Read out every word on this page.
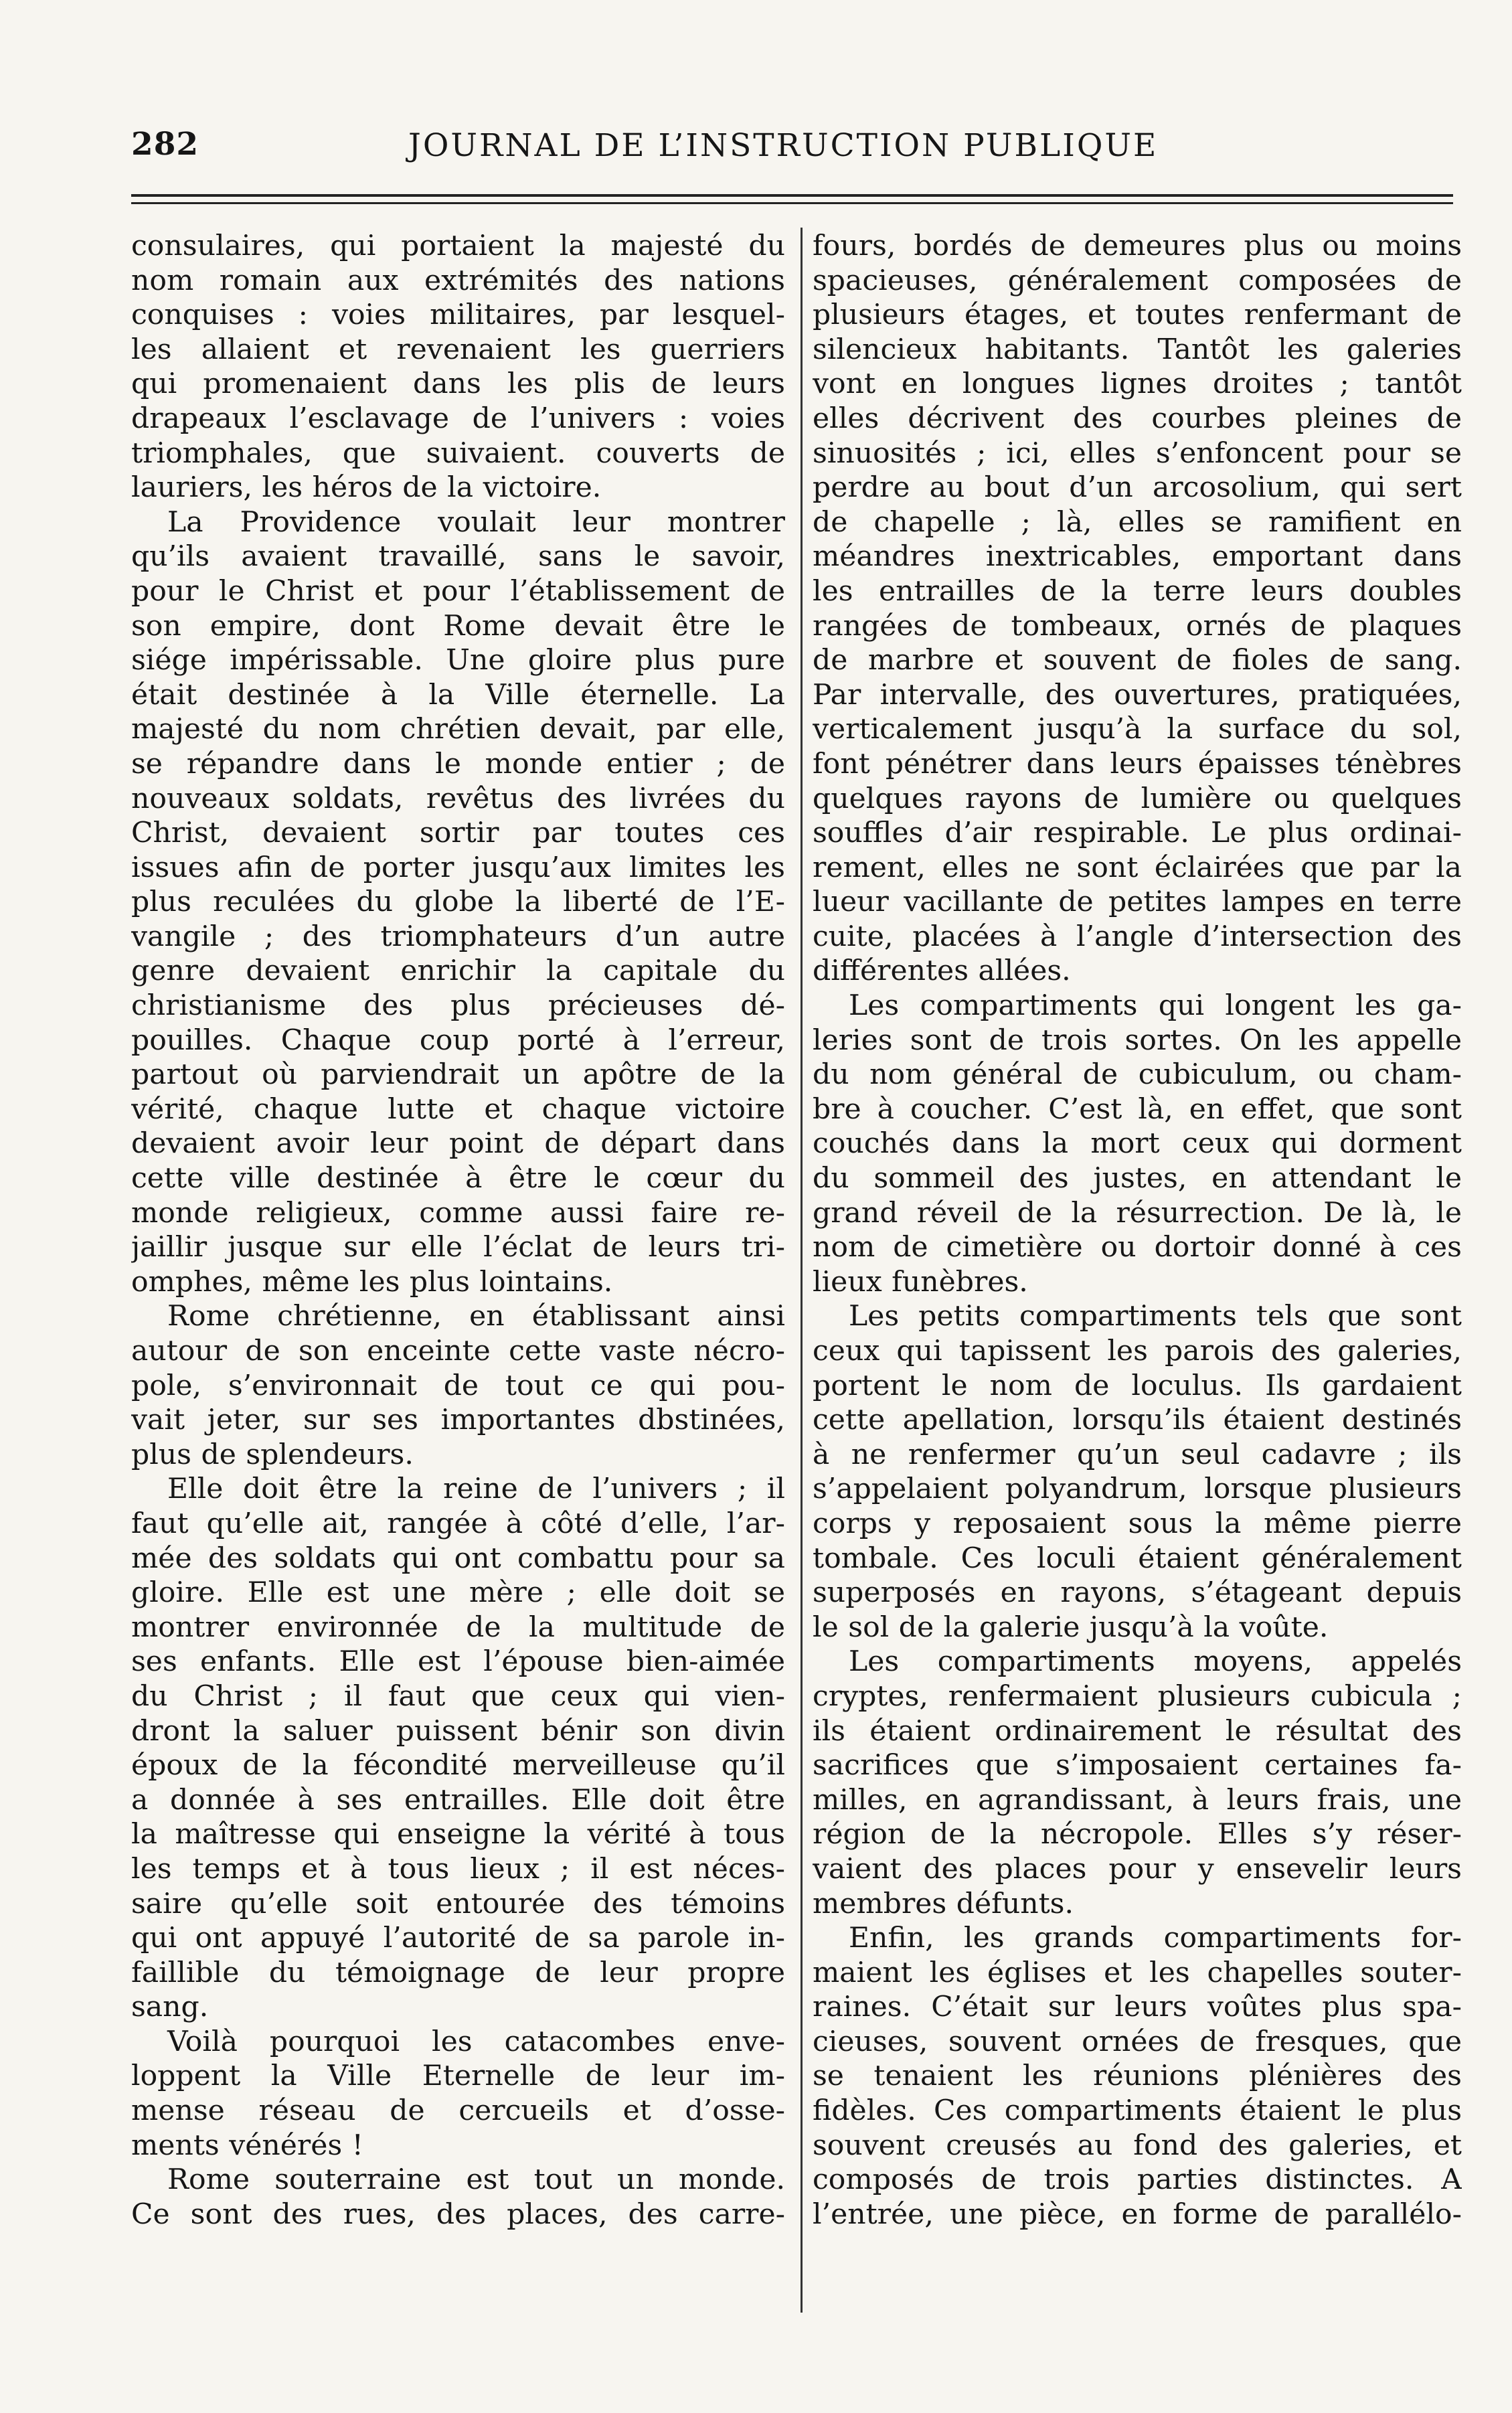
282	JOURNAL DE L’INSTRUCTION PUBLIQUE
consulaires, qui portaient la majesté du
nom romain aux extrémités des nations
conquises : voies militaires, par lesquel-
les allaient et revenaient les guerriers
qui promenaient dans les plis de leurs
drapeaux l’esclavage de l’univers : voies
triomphales, que suivaient. couverts de
lauriers, les héros de la victoire.
La Providence voulait leur montrer
qu’ils avaient travaillé, sans le savoir,
pour le Christ et pour l’établissement de
son empire, dont Rome devait être le
siége impérissable. Une gloire plus pure
était destinée à la Ville éternelle. La
majesté du nom chrétien devait, par elle,
se répandre dans le monde entier ; de
nouveaux soldats, revêtus des livrées du
Christ, devaient sortir par toutes ces
issues afin de porter jusqu’aux limites les
plus reculées du globe la liberté de l’E-
vangile ; des triomphateurs d’un autre
genre devaient enrichir la capitale du
christianisme des plus précieuses dé-
pouilles. Chaque coup porté à l’erreur,
partout où parviendrait un apôtre de la
vérité, chaque lutte et chaque victoire
devaient avoir leur point de départ dans
cette ville destinée à être le cœur du
monde religieux, comme aussi faire re-
jaillir jusque sur elle l’éclat de leurs tri-
omphes, même les plus lointains.
Rome chrétienne, en établissant ainsi
autour de son enceinte cette vaste nécro-
pole, s’environnait de tout ce qui pou-
vait jeter, sur ses importantes dbstinées,
plus de splendeurs.
Elle doit être la reine de l’univers ; il
faut qu’elle ait, rangée à côté d’elle, l’ar-
mée des soldats qui ont combattu pour sa
gloire. Elle est une mère ; elle doit se
montrer environnée de la multitude de
ses enfants. Elle est l’épouse bien-aimée
du Christ ; il faut que ceux qui vien-
dront la saluer puissent bénir son divin
époux de la fécondité merveilleuse qu’il
a donnée à ses entrailles. Elle doit être
la maîtresse qui enseigne la vérité à tous
les temps et à tous lieux ; il est néces-
saire qu’elle soit entourée des témoins
qui ont appuyé l’autorité de sa parole in-
faillible du témoignage de leur propre
sang.
Voilà pourquoi les catacombes enve-
loppent la Ville Eternelle de leur im-
mense réseau de cercueils et d’osse-
ments vénérés !
Rome souterraine est tout un monde.
Ce sont des rues, des places, des carre-
fours, bordés de demeures plus ou moins
spacieuses, généralement composées de
plusieurs étages, et toutes renfermant de
silencieux habitants. Tantôt les galeries
vont en longues lignes droites ; tantôt
elles décrivent des courbes pleines de
sinuosités ; ici, elles s’enfoncent pour se
perdre au bout d’un arcosolium, qui sert
de chapelle ; là, elles se ramifient en
méandres inextricables, emportant dans
les entrailles de la terre leurs doubles
rangées de tombeaux, ornés de plaques
de marbre et souvent de fioles de sang.
Par intervalle, des ouvertures, pratiquées,
verticalement jusqu’à la surface du sol,
font pénétrer dans leurs épaisses ténèbres
quelques rayons de lumière ou quelques
souffles d’air respirable. Le plus ordinai-
rement, elles ne sont éclairées que par la
lueur vacillante de petites lampes en terre
cuite, placées à l’angle d’intersection des
différentes allées.
Les compartiments qui longent les ga-
leries sont de trois sortes. On les appelle
du nom général de cubiculum, ou cham-
bre à coucher. C’est là, en effet, que sont
couchés dans la mort ceux qui dorment
du sommeil des justes, en attendant le
grand réveil de la résurrection. De là, le
nom de cimetière ou dortoir donné à ces
lieux funèbres.
Les petits compartiments tels que sont
ceux qui tapissent les parois des galeries,
portent le nom de loculus. Ils gardaient
cette apellation, lorsqu’ils étaient destinés
à ne renfermer qu’un seul cadavre ; ils
s’appelaient polyandrum, lorsque plusieurs
corps y reposaient sous la même pierre
tombale. Ces loculi étaient généralement
superposés en rayons, s’étageant depuis
le sol de la galerie jusqu’à la voûte.
Les compartiments moyens, appelés
cryptes, renfermaient plusieurs cubicula ;
ils étaient ordinairement le résultat des
sacrifices que s’imposaient certaines fa-
milles, en agrandissant, à leurs frais, une
région de la nécropole. Elles s’y réser-
vaient des places pour y ensevelir leurs
membres défunts.
Enfin, les grands compartiments for-
maient les églises et les chapelles souter-
raines. C’était sur leurs voûtes plus spa-
cieuses, souvent ornées de fresques, que
se tenaient les réunions plénières des
fidèles. Ces compartiments étaient le plus
souvent creusés au fond des galeries, et
composés de trois parties distinctes. A
l’entrée, une pièce, en forme de parallélo-
